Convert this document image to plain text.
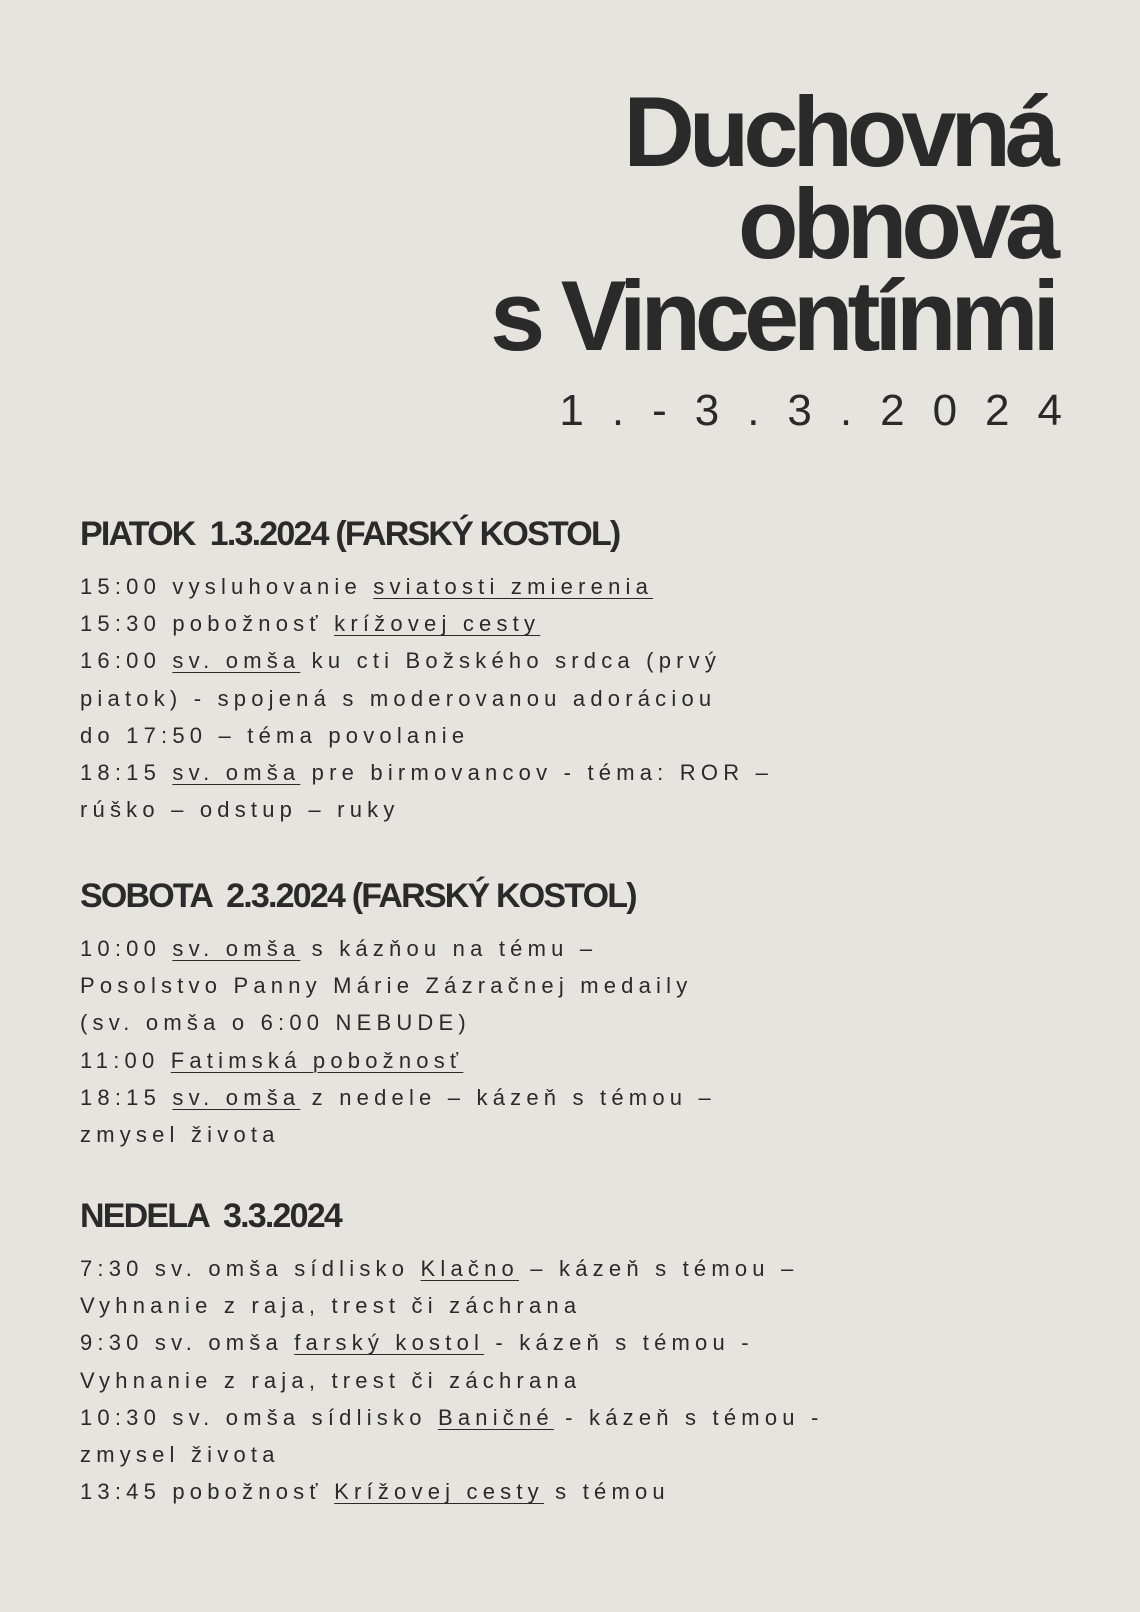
Duchovná
obnova
s Vincentínmi
1.-3.3.2024
PIATOK  1.3.2024 (FARSKÝ KOSTOL)
15:00 vysluhovanie sviatosti zmierenia
15:30 pobožnosť krížovej cesty
16:00 sv. omša ku cti Božského srdca (prvý
piatok) - spojená s moderovanou adoráciou
do 17:50 – téma povolanie
18:15 sv. omša pre birmovancov - téma: ROR –
rúško – odstup – ruky
SOBOTA  2.3.2024 (FARSKÝ KOSTOL)
10:00 sv. omša s kázňou na tému –
Posolstvo Panny Márie Zázračnej medaily
(sv. omša o 6:00 NEBUDE)
11:00 Fatimská pobožnosť
18:15 sv. omša z nedele – kázeň s témou –
zmysel života
NEDELA  3.3.2024
7:30 sv. omša sídlisko Klačno – kázeň s témou –
Vyhnanie z raja, trest či záchrana
9:30 sv. omša farský kostol - kázeň s témou -
Vyhnanie z raja, trest či záchrana
10:30 sv. omša sídlisko Baničné - kázeň s témou -
zmysel života
13:45 pobožnosť Krížovej cesty s témou
